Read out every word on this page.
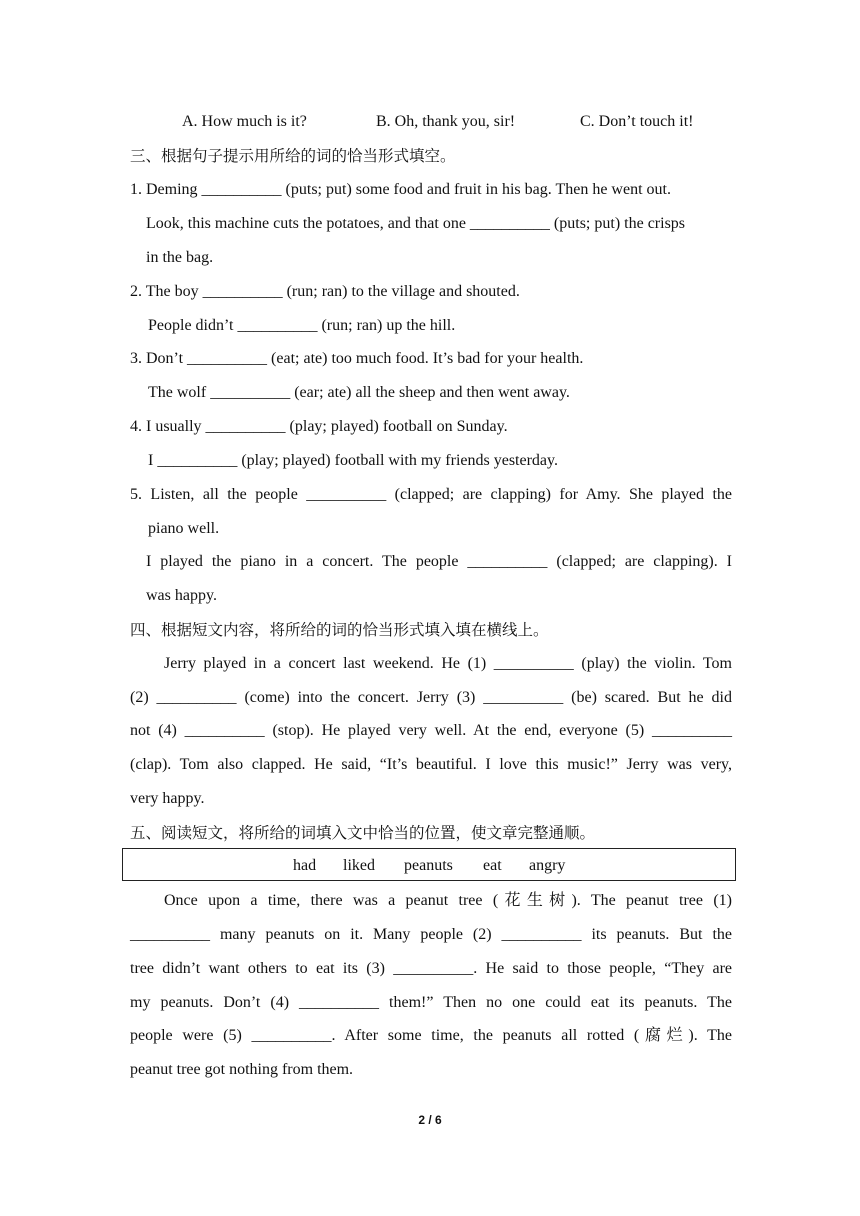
A. How much is it?	B. Oh, thank you, sir!	C. Don’t touch it!
三、根据句子提示用所给的词的恰当形式填空。
1. Deming __________ (puts; put) some food and fruit in his bag. Then he went out.
Look, this machine cuts the potatoes, and that one __________ (puts; put) the crisps
in the bag.
2. The boy __________ (run; ran) to the village and shouted.
People didn’t __________ (run; ran) up the hill.
3. Don’t __________ (eat; ate) too much food. It’s bad for your health.
The wolf __________ (ear; ate) all the sheep and then went away.
4. I usually __________ (play; played) football on Sunday.
I __________ (play; played) football with my friends yesterday.
5. Listen, all the people __________ (clapped; are clapping) for Amy. She played the
piano well.
I played the piano in a concert. The people __________ (clapped; are clapping). I
was happy.
四、根据短文内容，将所给的词的恰当形式填入填在横线上。
Jerry played in a concert last weekend. He (1) __________ (play) the violin. Tom
(2) __________ (come) into the concert. Jerry (3) __________ (be) scared. But he did
not (4) __________ (stop). He played very well. At the end, everyone (5) __________
(clap). Tom also clapped. He said, “It’s beautiful. I love this music!” Jerry was very,
very happy.
五、阅读短文，将所给的词填入文中恰当的位置，使文章完整通顺。
had liked peanuts eat angry
Once upon a time, there was a peanut tree (花生树). The peanut tree (1)
__________ many peanuts on it. Many people (2) __________ its peanuts. But the
tree didn’t want others to eat its (3) __________. He said to those people, “They are
my peanuts. Don’t (4) __________ them!” Then no one could eat its peanuts. The
people were (5) __________. After some time, the peanuts all rotted (腐烂). The
peanut tree got nothing from them.
2 / 6
